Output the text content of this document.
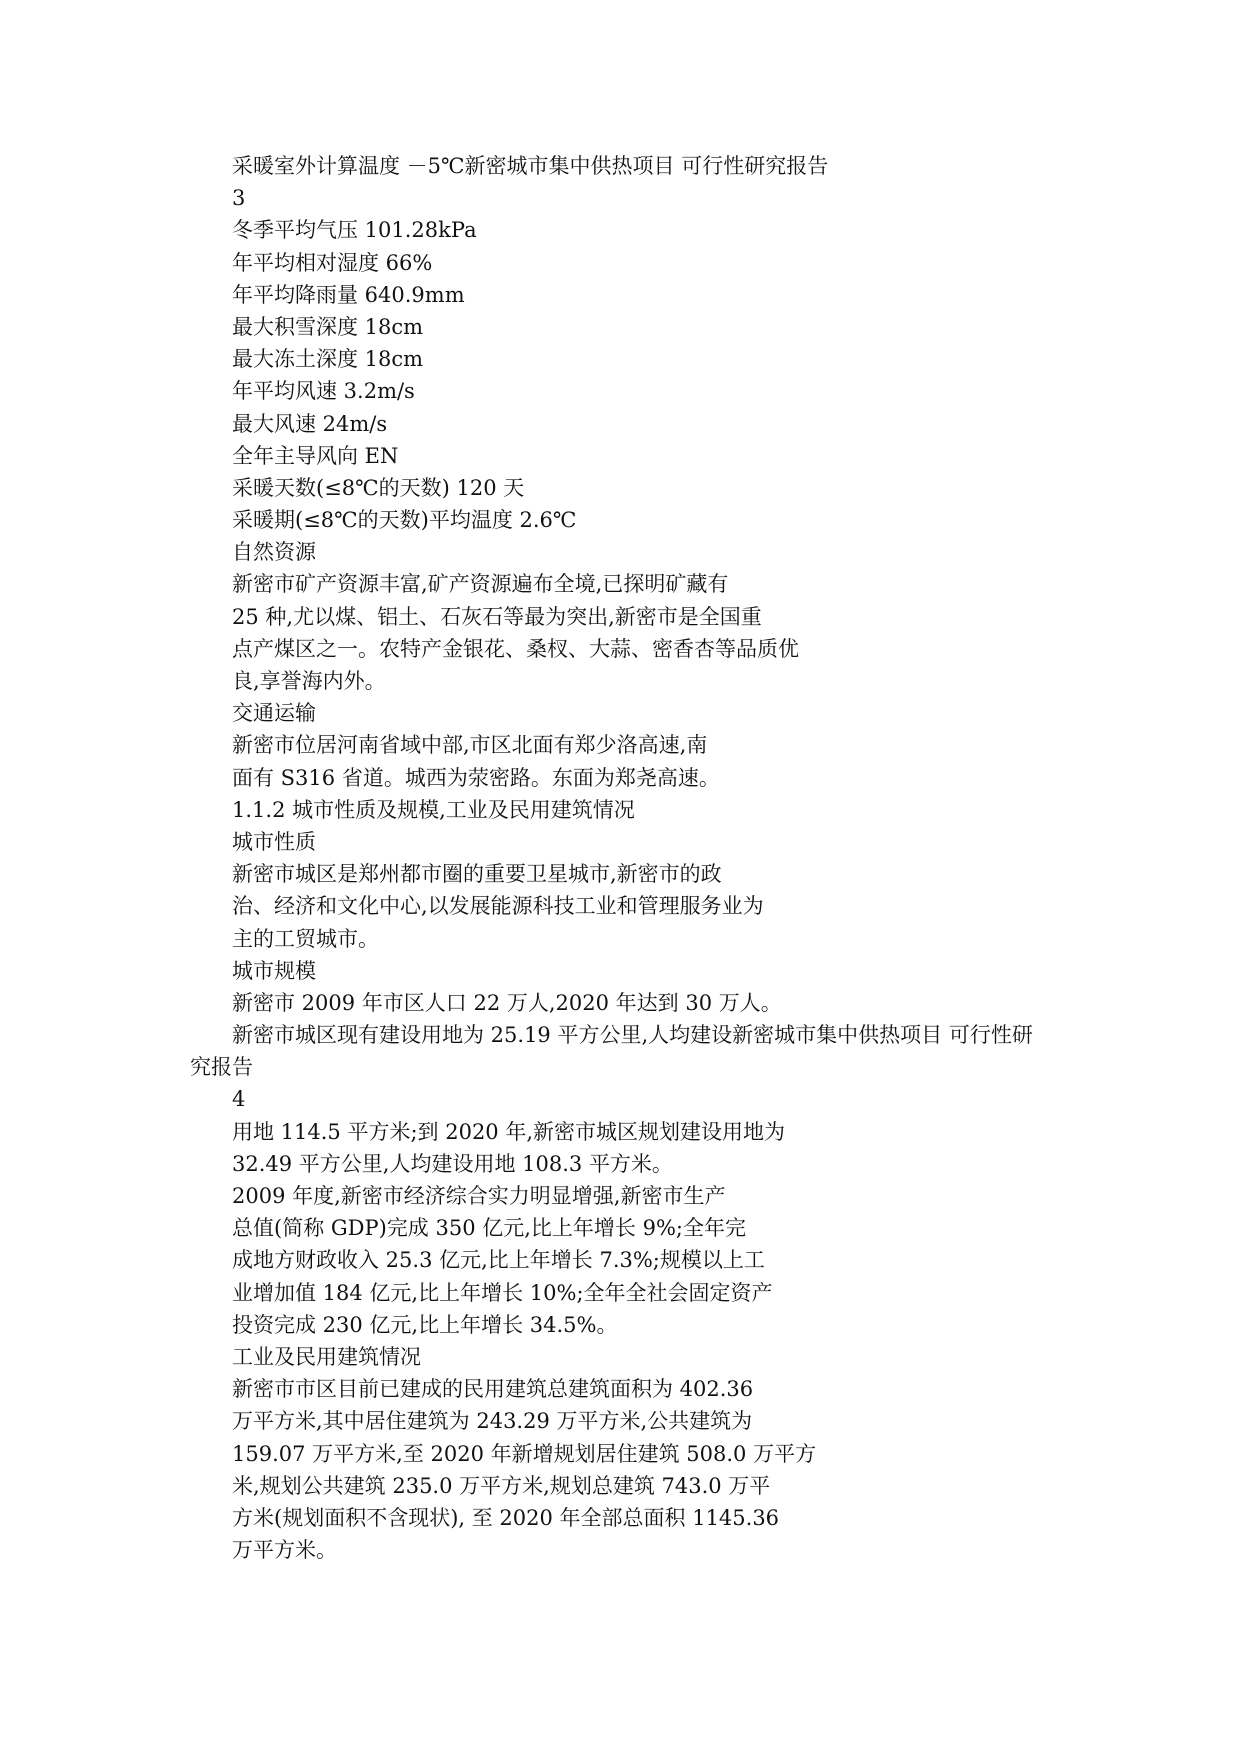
采暖室外计算温度 －5℃新密城市集中供热项目 可行性研究报告
3
冬季平均气压 101.28kPa
年平均相对湿度 66%
年平均降雨量 640.9mm
最大积雪深度 18cm
最大冻土深度 18cm
年平均风速 3.2m/s
最大风速 24m/s
全年主导风向 EN
采暖天数(≤8℃的天数) 120 天
采暖期(≤8℃的天数)平均温度 2.6℃
自然资源
新密市矿产资源丰富,矿产资源遍布全境,已探明矿藏有
25 种,尤以煤、铝土、石灰石等最为突出,新密市是全国重
点产煤区之一。农特产金银花、桑杈、大蒜、密香杏等品质优
良,享誉海内外。
交通运输
新密市位居河南省域中部,市区北面有郑少洛高速,南
面有 S316 省道。城西为荥密路。东面为郑尧高速。
1.1.2 城市性质及规模,工业及民用建筑情况
城市性质
新密市城区是郑州都市圈的重要卫星城市,新密市的政
治、经济和文化中心,以发展能源科技工业和管理服务业为
主的工贸城市。
城市规模
新密市 2009 年市区人口 22 万人,2020 年达到 30 万人。
新密市城区现有建设用地为 25.19 平方公里,人均建设新密城市集中供热项目 可行性研
究报告
4
用地 114.5 平方米;到 2020 年,新密市城区规划建设用地为
32.49 平方公里,人均建设用地 108.3 平方米。
2009 年度,新密市经济综合实力明显增强,新密市生产
总值(简称 GDP)完成 350 亿元,比上年增长 9%;全年完
成地方财政收入 25.3 亿元,比上年增长 7.3%;规模以上工
业增加值 184 亿元,比上年增长 10%;全年全社会固定资产
投资完成 230 亿元,比上年增长 34.5%。
工业及民用建筑情况
新密市市区目前已建成的民用建筑总建筑面积为 402.36
万平方米,其中居住建筑为 243.29 万平方米,公共建筑为
159.07 万平方米,至 2020 年新增规划居住建筑 508.0 万平方
米,规划公共建筑 235.0 万平方米,规划总建筑 743.0 万平
方米(规划面积不含现状), 至 2020 年全部总面积 1145.36
万平方米。
